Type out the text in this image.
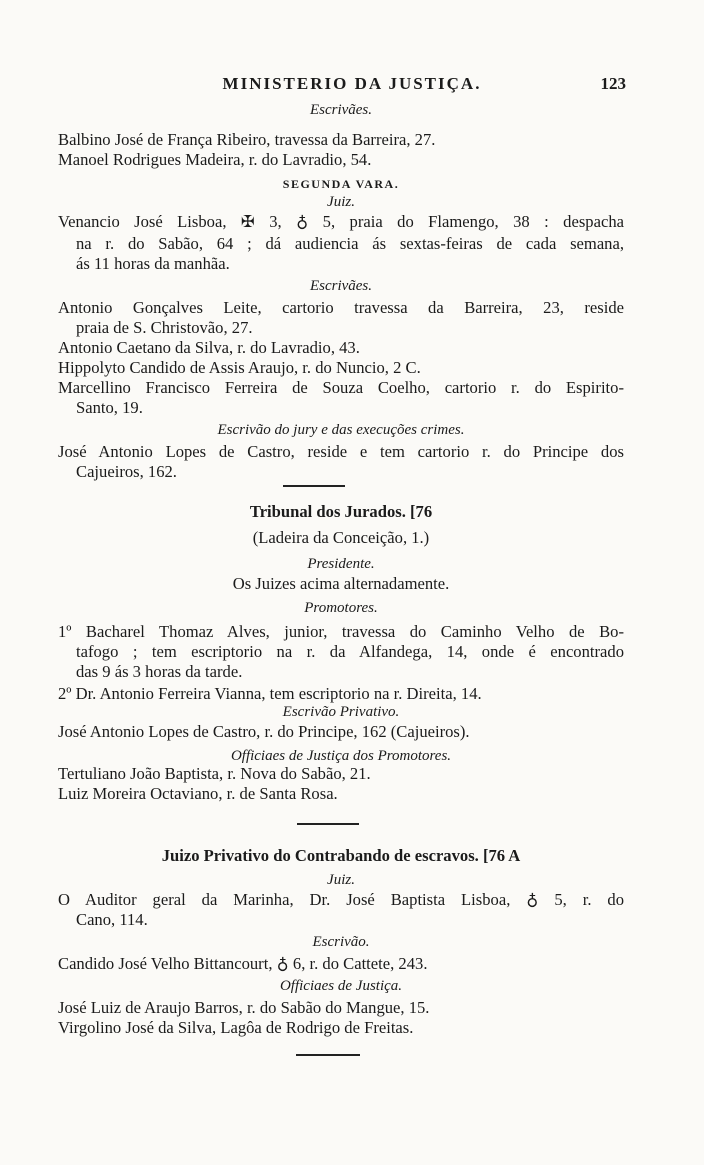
MINISTERIO DA JUSTIÇA.	123
Escrivães.
Balbino José de França Ribeiro, travessa da Barreira, 27.
Manoel Rodrigues Madeira, r. do Lavradio, 54.
SEGUNDA VARA.
Juiz.
Venancio José Lisboa, ✠ 3, ♁ 5, praia do Flamengo, 38 : despacha
na r. do Sabão, 64 ; dá audiencia ás sextas-feiras de cada semana,
ás 11 horas da manhãa.
Escrivães.
Antonio Gonçalves Leite, cartorio travessa da Barreira, 23, reside
praia de S. Christovão, 27.
Antonio Caetano da Silva, r. do Lavradio, 43.
Hippolyto Candido de Assis Araujo, r. do Nuncio, 2 C.
Marcellino Francisco Ferreira de Souza Coelho, cartorio r. do Espirito-
Santo, 19.
Escrivão do jury e das execuções crimes.
José Antonio Lopes de Castro, reside e tem cartorio r. do Principe dos
Cajueiros, 162.
Tribunal dos Jurados. [76
(Ladeira da Conceição, 1.)
Presidente.
Os Juizes acima alternadamente.
Promotores.
1º Bacharel Thomaz Alves, junior, travessa do Caminho Velho de Bo-
tafogo ; tem escriptorio na r. da Alfandega, 14, onde é encontrado
das 9 ás 3 horas da tarde.
2º Dr. Antonio Ferreira Vianna, tem escriptorio na r. Direita, 14.
Escrivão Privativo.
José Antonio Lopes de Castro, r. do Principe, 162 (Cajueiros).
Officiaes de Justiça dos Promotores.
Tertuliano João Baptista, r. Nova do Sabão, 21.
Luiz Moreira Octaviano, r. de Santa Rosa.
Juizo Privativo do Contrabando de escravos. [76 A
Juiz.
O Auditor geral da Marinha, Dr. José Baptista Lisboa, ♁ 5, r. do
Cano, 114.
Escrivão.
Candido José Velho Bittancourt, ♁ 6, r. do Cattete, 243.
Officiaes de Justiça.
José Luiz de Araujo Barros, r. do Sabão do Mangue, 15.
Virgolino José da Silva, Lagôa de Rodrigo de Freitas.
